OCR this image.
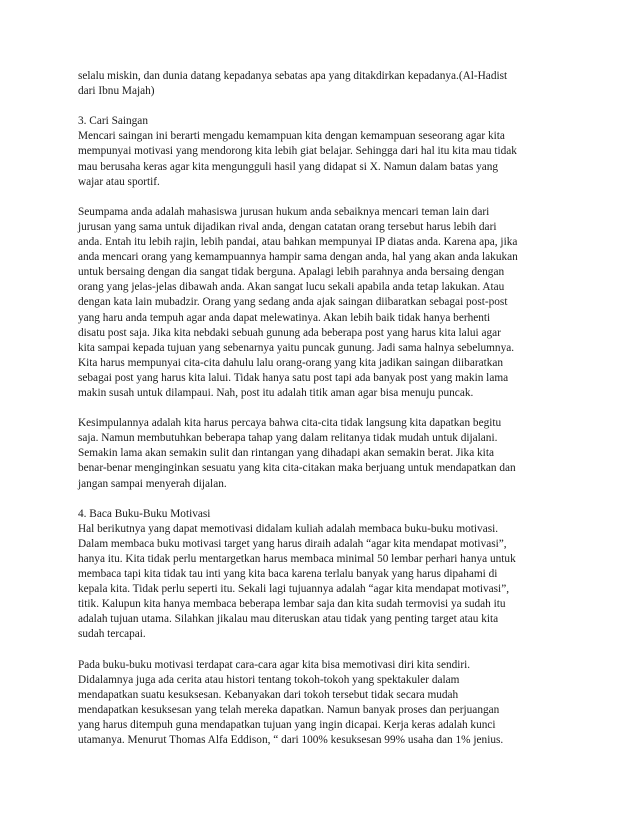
selalu miskin, dan dunia datang kepadanya sebatas apa yang ditakdirkan kepadanya.(Al-Hadist
dari Ibnu Majah)
3. Cari Saingan
Mencari saingan ini berarti mengadu kemampuan kita dengan kemampuan seseorang agar kita
mempunyai motivasi yang mendorong kita lebih giat belajar. Sehingga dari hal itu kita mau tidak
mau berusaha keras agar kita mengungguli hasil yang didapat si X. Namun dalam batas yang
wajar atau sportif.
Seumpama anda adalah mahasiswa jurusan hukum anda sebaiknya mencari teman lain dari
jurusan yang sama untuk dijadikan rival anda, dengan catatan orang tersebut harus lebih dari
anda. Entah itu lebih rajin, lebih pandai, atau bahkan mempunyai IP diatas anda. Karena apa, jika
anda mencari orang yang kemampuannya hampir sama dengan anda, hal yang akan anda lakukan
untuk bersaing dengan dia sangat tidak berguna. Apalagi lebih parahnya anda bersaing dengan
orang yang jelas-jelas dibawah anda. Akan sangat lucu sekali apabila anda tetap lakukan. Atau
dengan kata lain mubadzir. Orang yang sedang anda ajak saingan diibaratkan sebagai post-post
yang haru anda tempuh agar anda dapat melewatinya. Akan lebih baik tidak hanya berhenti
disatu post saja. Jika kita nebdaki sebuah gunung ada beberapa post yang harus kita lalui agar
kita sampai kepada tujuan yang sebenarnya yaitu puncak gunung. Jadi sama halnya sebelumnya.
Kita harus mempunyai cita-cita dahulu lalu orang-orang yang kita jadikan saingan diibaratkan
sebagai post yang harus kita lalui. Tidak hanya satu post tapi ada banyak post yang makin lama
makin susah untuk dilampaui. Nah, post itu adalah titik aman agar bisa menuju puncak.
Kesimpulannya adalah kita harus percaya bahwa cita-cita tidak langsung kita dapatkan begitu
saja. Namun membutuhkan beberapa tahap yang dalam relitanya tidak mudah untuk dijalani.
Semakin lama akan semakin sulit dan rintangan yang dihadapi akan semakin berat. Jika kita
benar-benar menginginkan sesuatu yang kita cita-citakan maka berjuang untuk mendapatkan dan
jangan sampai menyerah dijalan.
4. Baca Buku-Buku Motivasi
Hal berikutnya yang dapat memotivasi didalam kuliah adalah membaca buku-buku motivasi.
Dalam membaca buku motivasi target yang harus diraih adalah “agar kita mendapat motivasi”,
hanya itu. Kita tidak perlu mentargetkan harus membaca minimal 50 lembar perhari hanya untuk
membaca tapi kita tidak tau inti yang kita baca karena terlalu banyak yang harus dipahami di
kepala kita. Tidak perlu seperti itu. Sekali lagi tujuannya adalah “agar kita mendapat motivasi”,
titik. Kalupun kita hanya membaca beberapa lembar saja dan kita sudah termovisi ya sudah itu
adalah tujuan utama. Silahkan jikalau mau diteruskan atau tidak yang penting target atau kita
sudah tercapai.
Pada buku-buku motivasi terdapat cara-cara agar kita bisa memotivasi diri kita sendiri.
Didalamnya juga ada cerita atau histori tentang tokoh-tokoh yang spektakuler dalam
mendapatkan suatu kesuksesan. Kebanyakan dari tokoh tersebut tidak secara mudah
mendapatkan kesuksesan yang telah mereka dapatkan. Namun banyak proses dan perjuangan
yang harus ditempuh guna mendapatkan tujuan yang ingin dicapai. Kerja keras adalah kunci
utamanya. Menurut Thomas Alfa Eddison, “ dari 100% kesuksesan 99% usaha dan 1% jenius.
